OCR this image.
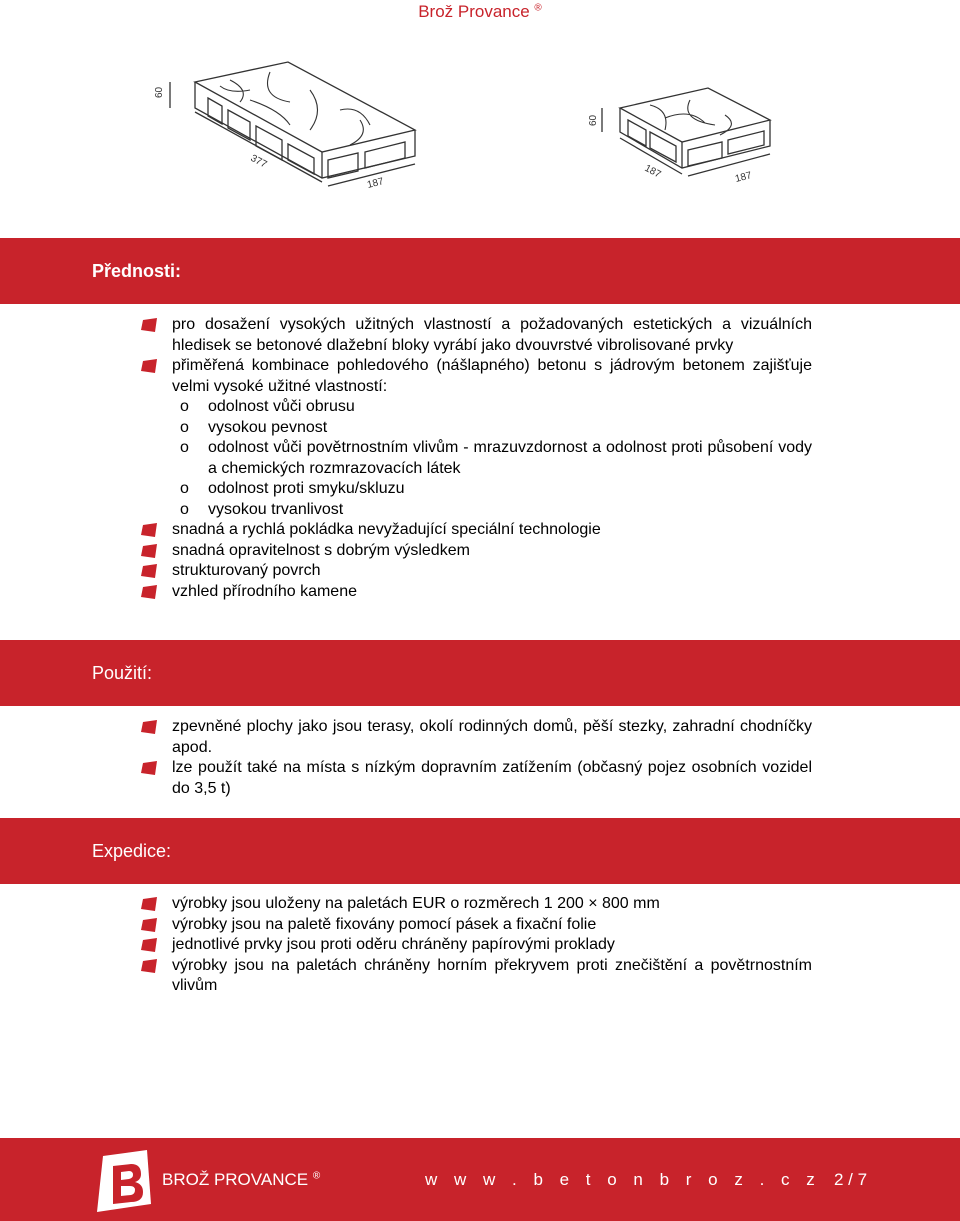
Brož Provance ®
60
377
187
60
187	187
Přednosti:
pro dosažení vysokých užitných vlastností a požadovaných estetických a vizuálních hledisek se betonové dlažební bloky vyrábí jako dvouvrstvé vibrolisované prvky
přiměřená kombinace pohledového (nášlapného) betonu s jádrovým betonem zajišťuje velmi vysoké užitné vlastností:
o odolnost vůči obrusu
o vysokou pevnost
o odolnost vůči povětrnostním vlivům - mrazuvzdornost a odolnost proti působení vody a chemických rozmrazovacích látek
o odolnost proti smyku/skluzu
o vysokou trvanlivost
snadná a rychlá pokládka nevyžadující speciální technologie
snadná opravitelnost s dobrým výsledkem
strukturovaný povrch
vzhled přírodního kamene
Použití:
zpevněné plochy jako jsou terasy, okolí rodinných domů, pěší stezky, zahradní chodníčky apod.
lze použít také na místa s nízkým dopravním zatížením (občasný pojez osobních vozidel do 3,5 t)
Expedice:
výrobky jsou uloženy na paletách EUR o rozměrech 1 200 × 800 mm
výrobky jsou na paletě fixovány pomocí pásek a fixační folie
jednotlivé prvky jsou proti oděru chráněny papírovými proklady
výrobky jsou na paletách chráněny horním překryvem proti znečištění a povětrnostním vlivům
BROŽ PROVANCE ®	w w w . b e t o n b r o z . c z 2 / 7
